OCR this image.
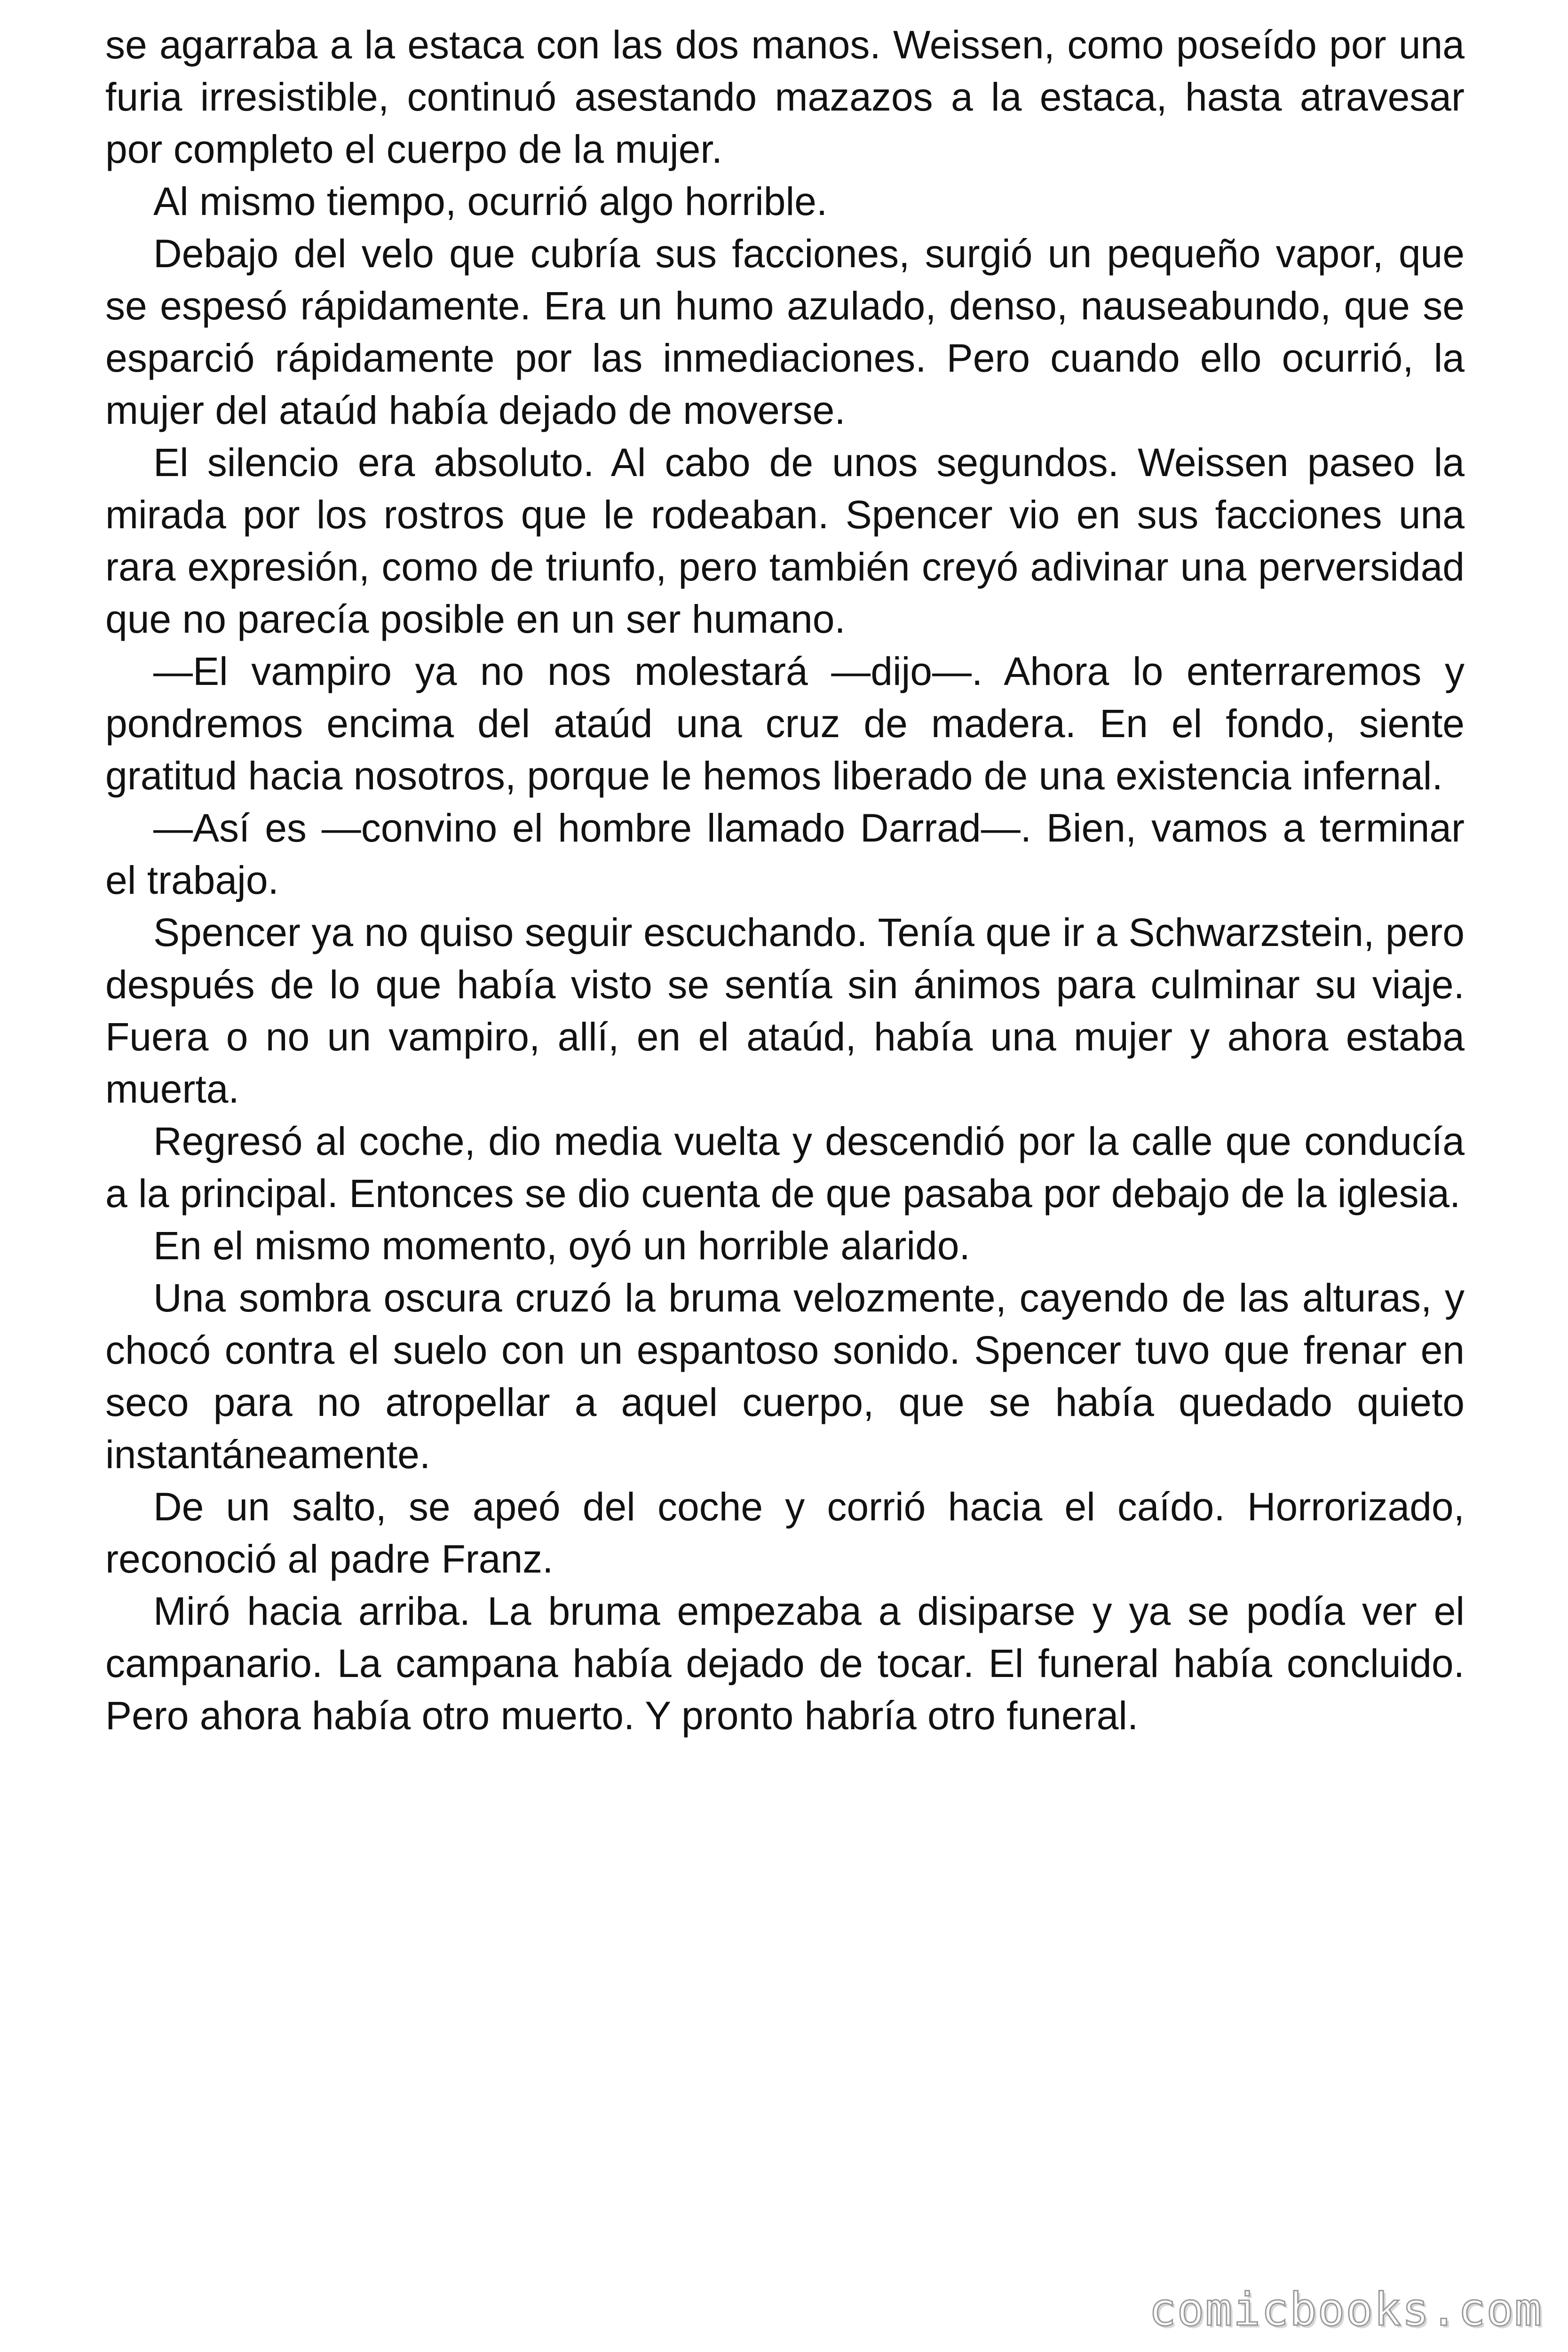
se agarraba a la estaca con las dos manos. Weissen, como poseído por una furia irresistible, continuó asestando mazazos a la estaca, hasta atravesar por completo el cuerpo de la mujer.

Al mismo tiempo, ocurrió algo horrible.

Debajo del velo que cubría sus facciones, surgió un pequeño vapor, que se espesó rápidamente. Era un humo azulado, denso, nauseabundo, que se esparció rápidamente por las inmediaciones. Pero cuando ello ocurrió, la mujer del ataúd había dejado de moverse.

El silencio era absoluto. Al cabo de unos segundos. Weissen paseo la mirada por los rostros que le rodeaban. Spencer vio en sus facciones una rara expresión, como de triunfo, pero también creyó adivinar una perversidad que no parecía posible en un ser humano.

—El vampiro ya no nos molestará —dijo—. Ahora lo enterraremos y pondremos encima del ataúd una cruz de madera. En el fondo, siente gratitud hacia nosotros, porque le hemos liberado de una existencia infernal.

—Así es —convino el hombre llamado Darrad—. Bien, vamos a terminar el trabajo.

Spencer ya no quiso seguir escuchando. Tenía que ir a Schwarzstein, pero después de lo que había visto se sentía sin ánimos para culminar su viaje. Fuera o no un vampiro, allí, en el ataúd, había una mujer y ahora estaba muerta.

Regresó al coche, dio media vuelta y descendió por la calle que conducía a la principal. Entonces se dio cuenta de que pasaba por debajo de la iglesia.

En el mismo momento, oyó un horrible alarido.

Una sombra oscura cruzó la bruma velozmente, cayendo de las alturas, y chocó contra el suelo con un espantoso sonido. Spencer tuvo que frenar en seco para no atropellar a aquel cuerpo, que se había quedado quieto instantáneamente.

De un salto, se apeó del coche y corrió hacia el caído. Horrorizado, reconoció al padre Franz.

Miró hacia arriba. La bruma empezaba a disiparse y ya se podía ver el campanario. La campana había dejado de tocar. El funeral había concluido. Pero ahora había otro muerto. Y pronto habría otro funeral.

comicbooks.com
